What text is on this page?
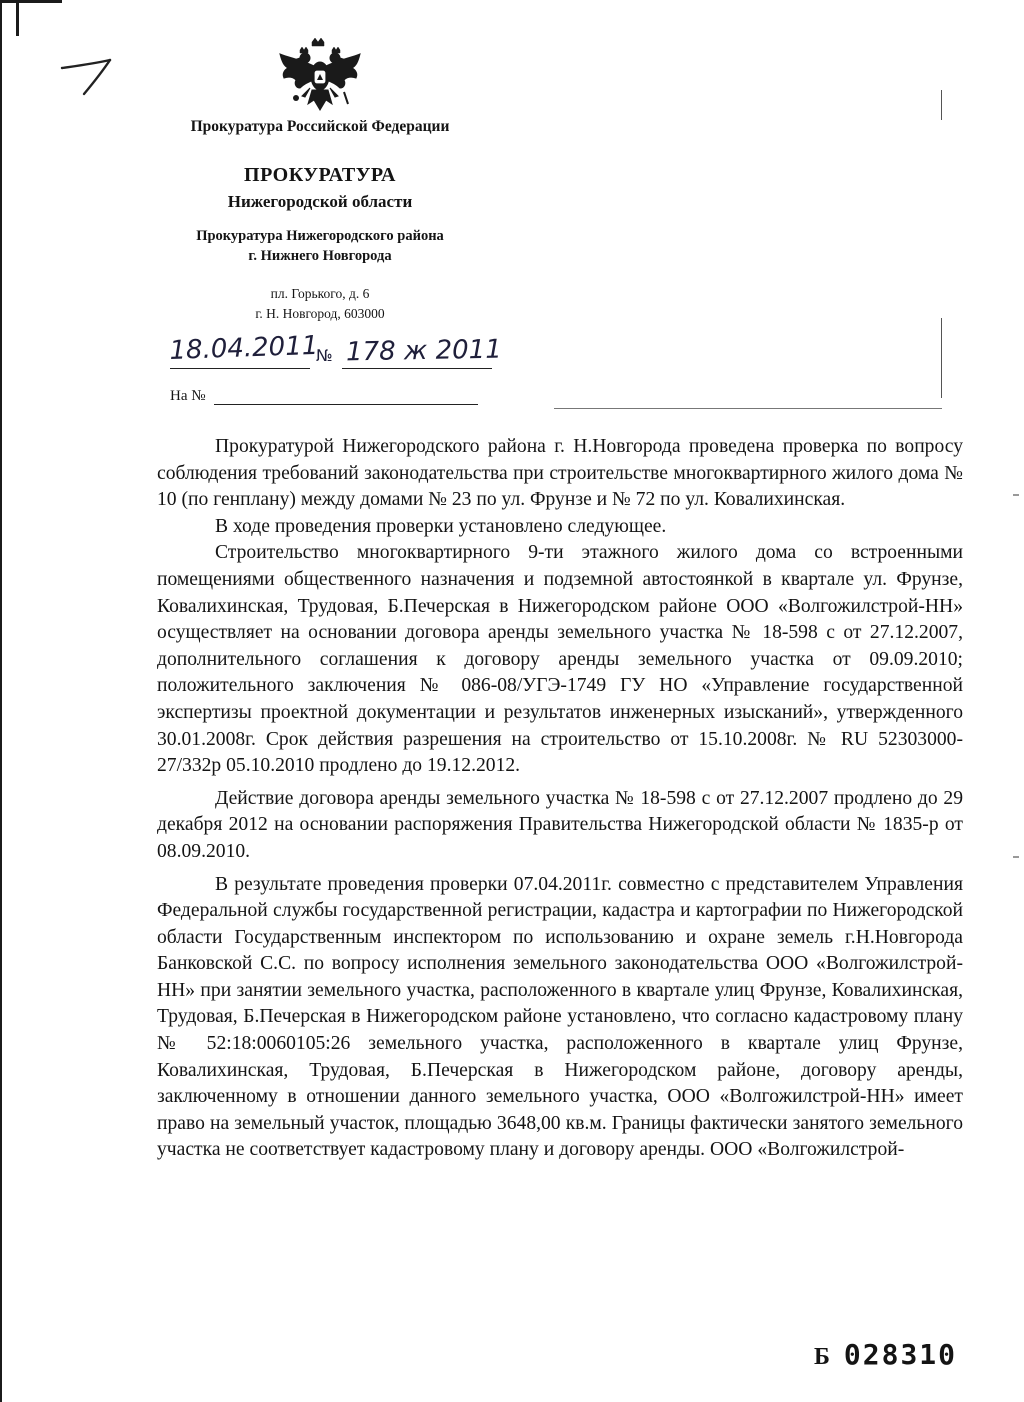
Прокуратура Российской Федерации
ПРОКУРАТУРА
Нижегородской области
Прокуратура Нижегородского района
г. Нижнего Новгорода
пл. Горького, д. 6
г. Н. Новгород, 603000
18.04.2011
№ 178 ж 2011
На №

Прокуратурой Нижегородского района г. Н.Новгорода проведена проверка по вопросу соблюдения требований законодательства при строительстве многоквартирного жилого дома № 10 (по генплану) между домами № 23 по ул. Фрунзе и № 72 по ул. Ковалихинская.

В ходе проведения проверки установлено следующее.

Строительство многоквартирного 9-ти этажного жилого дома со встроенными помещениями общественного назначения и подземной автостоянкой в квартале ул. Фрунзе, Ковалихинская, Трудовая, Б.Печерская в Нижегородском районе ООО «Волгожилстрой-НН» осуществляет на основании договора аренды земельного участка № 18-598 с от 27.12.2007, дополнительного соглашения к договору аренды земельного участка от 09.09.2010; положительного заключения № 086-08/УГЭ-1749 ГУ НО «Управление государственной экспертизы проектной документации и результатов инженерных изысканий», утвержденного 30.01.2008г. Срок действия разрешения на строительство от 15.10.2008г. № RU 52303000-27/332р 05.10.2010 продлено до 19.12.2012.

Действие договора аренды земельного участка № 18-598 с от 27.12.2007 продлено до 29 декабря 2012 на основании распоряжения Правительства Нижегородской области № 1835-р от 08.09.2010.

В результате проведения проверки 07.04.2011г. совместно с представителем Управления Федеральной службы государственной регистрации, кадастра и картографии по Нижегородской области Государственным инспектором по использованию и охране земель г.Н.Новгорода Банковской С.С. по вопросу исполнения земельного законодательства ООО «Волгожилстрой-НН» при занятии земельного участка, расположенного в квартале улиц Фрунзе, Ковалихинская, Трудовая, Б.Печерская в Нижегородском районе установлено, что согласно кадастровому плану № 52:18:0060105:26 земельного участка, расположенного в квартале улиц Фрунзе, Ковалихинская, Трудовая, Б.Печерская в Нижегородском районе, договору аренды, заключенному в отношении данного земельного участка, ООО «Волгожилстрой-НН» имеет право на земельный участок, площадью 3648,00 кв.м. Границы фактически занятого земельного участка не соответствует кадастровому плану и договору аренды. ООО «Волгожилстрой-

Б 028310
